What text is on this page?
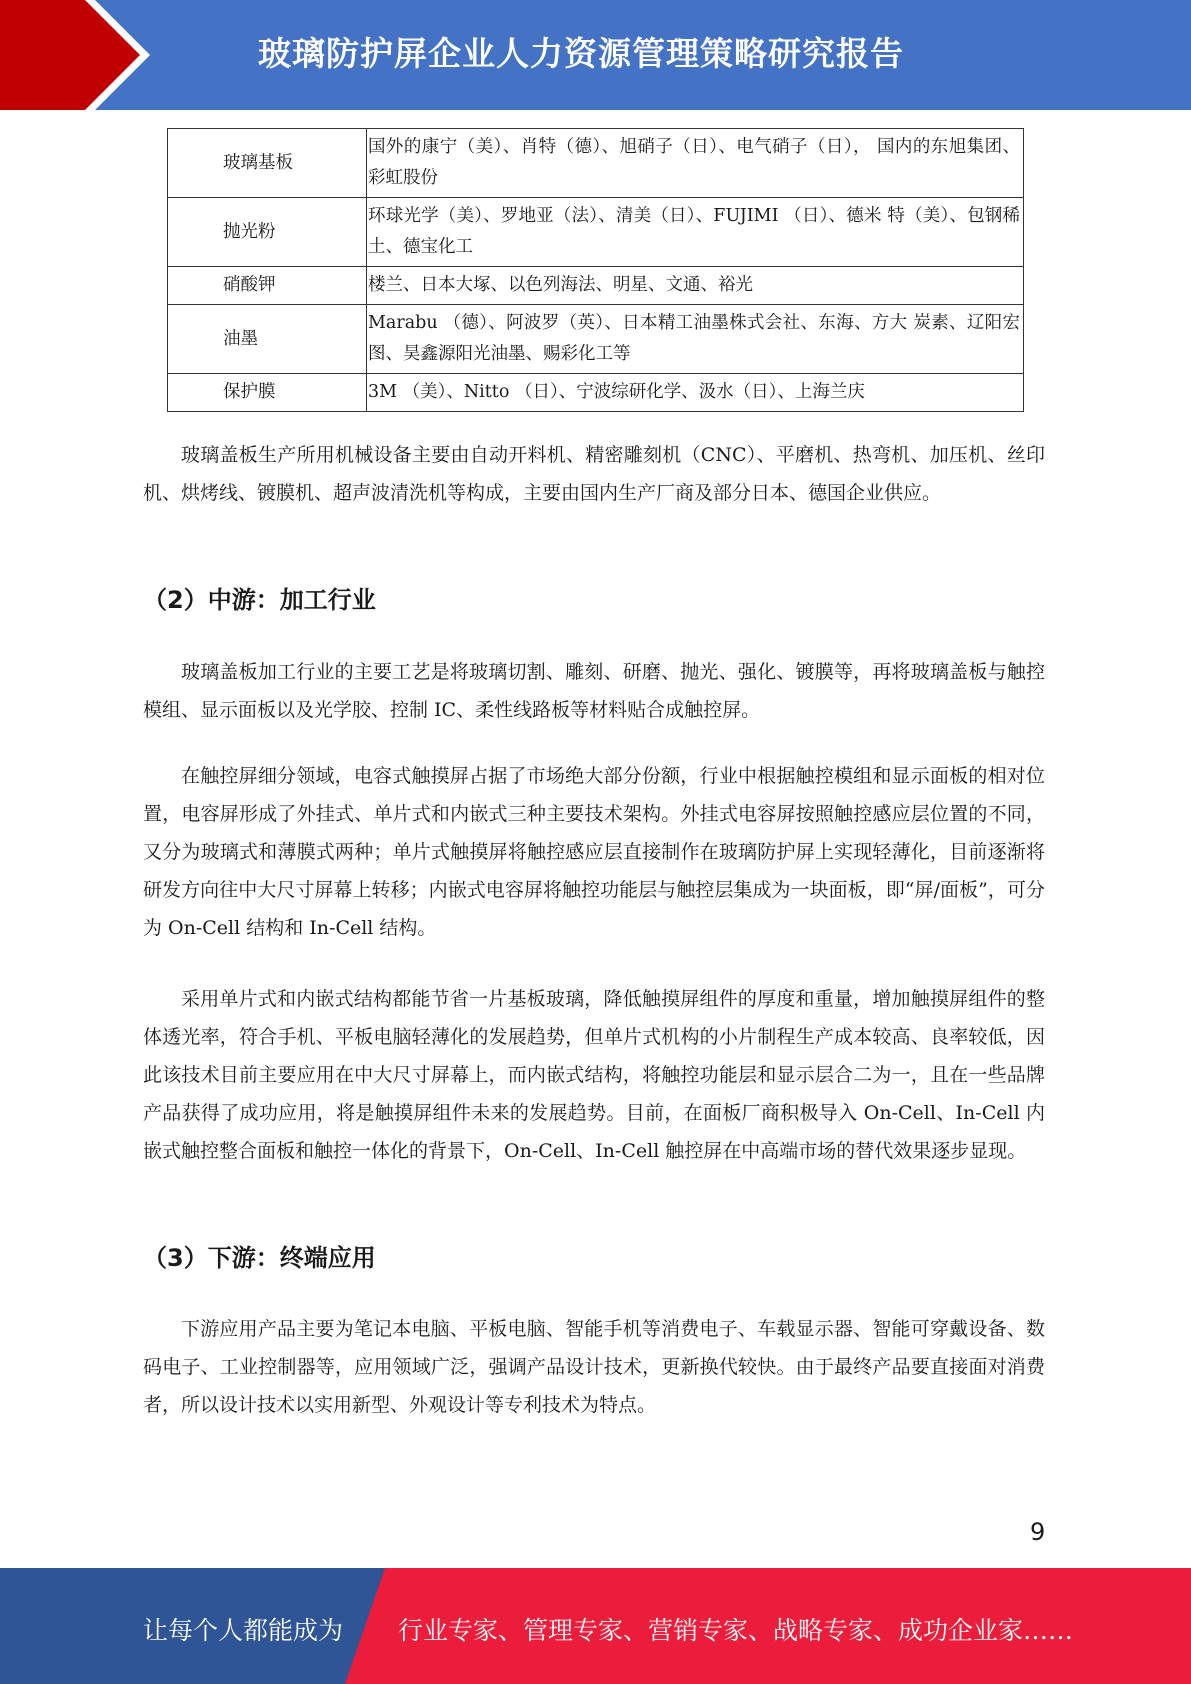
玻璃防护屏企业人力资源管理策略研究报告
玻璃基板	国外的康宁（美）、肖特（德）、旭硝子（日）、电气硝子（日）， 国内的东旭集团、彩虹股份
抛光粉	环球光学（美）、罗地亚（法）、清美（日）、FUJIMI （日）、德米 特（美）、包钢稀土、德宝化工
硝酸钾	楼兰、日本大塚、以色列海法、明星、文通、裕光
油墨	Marabu （德）、阿波罗（英）、日本精工油墨株式会社、东海、方大 炭素、辽阳宏图、昊鑫源阳光油墨、赐彩化工等
保护膜	3M （美）、Nitto （日）、宁波综研化学、汲水（日）、上海兰庆

玻璃盖板生产所用机械设备主要由自动开料机、精密雕刻机（CNC）、平磨机、热弯机、加压机、丝印机、烘烤线、镀膜机、超声波清洗机等构成，主要由国内生产厂商及部分日本、德国企业供应。

（2）中游：加工行业

玻璃盖板加工行业的主要工艺是将玻璃切割、雕刻、研磨、抛光、强化、镀膜等，再将玻璃盖板与触控模组、显示面板以及光学胶、控制 IC、柔性线路板等材料贴合成触控屏。

在触控屏细分领域，电容式触摸屏占据了市场绝大部分份额，行业中根据触控模组和显示面板的相对位置，电容屏形成了外挂式、单片式和内嵌式三种主要技术架构。外挂式电容屏按照触控感应层位置的不同，又分为玻璃式和薄膜式两种；单片式触摸屏将触控感应层直接制作在玻璃防护屏上实现轻薄化，目前逐渐将研发方向往中大尺寸屏幕上转移；内嵌式电容屏将触控功能层与触控层集成为一块面板，即“屏/面板”，可分为 On-Cell 结构和 In-Cell 结构。

采用单片式和内嵌式结构都能节省一片基板玻璃，降低触摸屏组件的厚度和重量，增加触摸屏组件的整体透光率，符合手机、平板电脑轻薄化的发展趋势，但单片式机构的小片制程生产成本较高、良率较低，因此该技术目前主要应用在中大尺寸屏幕上，而内嵌式结构，将触控功能层和显示层合二为一，且在一些品牌产品获得了成功应用，将是触摸屏组件未来的发展趋势。目前，在面板厂商积极导入 On-Cell、In-Cell 内嵌式触控整合面板和触控一体化的背景下，On-Cell、In-Cell 触控屏在中高端市场的替代效果逐步显现。

（3）下游：终端应用

下游应用产品主要为笔记本电脑、平板电脑、智能手机等消费电子、车载显示器、智能可穿戴设备、数码电子、工业控制器等，应用领域广泛，强调产品设计技术，更新换代较快。由于最终产品要直接面对消费者，所以设计技术以实用新型、外观设计等专利技术为特点。

9
让每个人都能成为 行业专家、管理专家、营销专家、战略专家、成功企业家……
